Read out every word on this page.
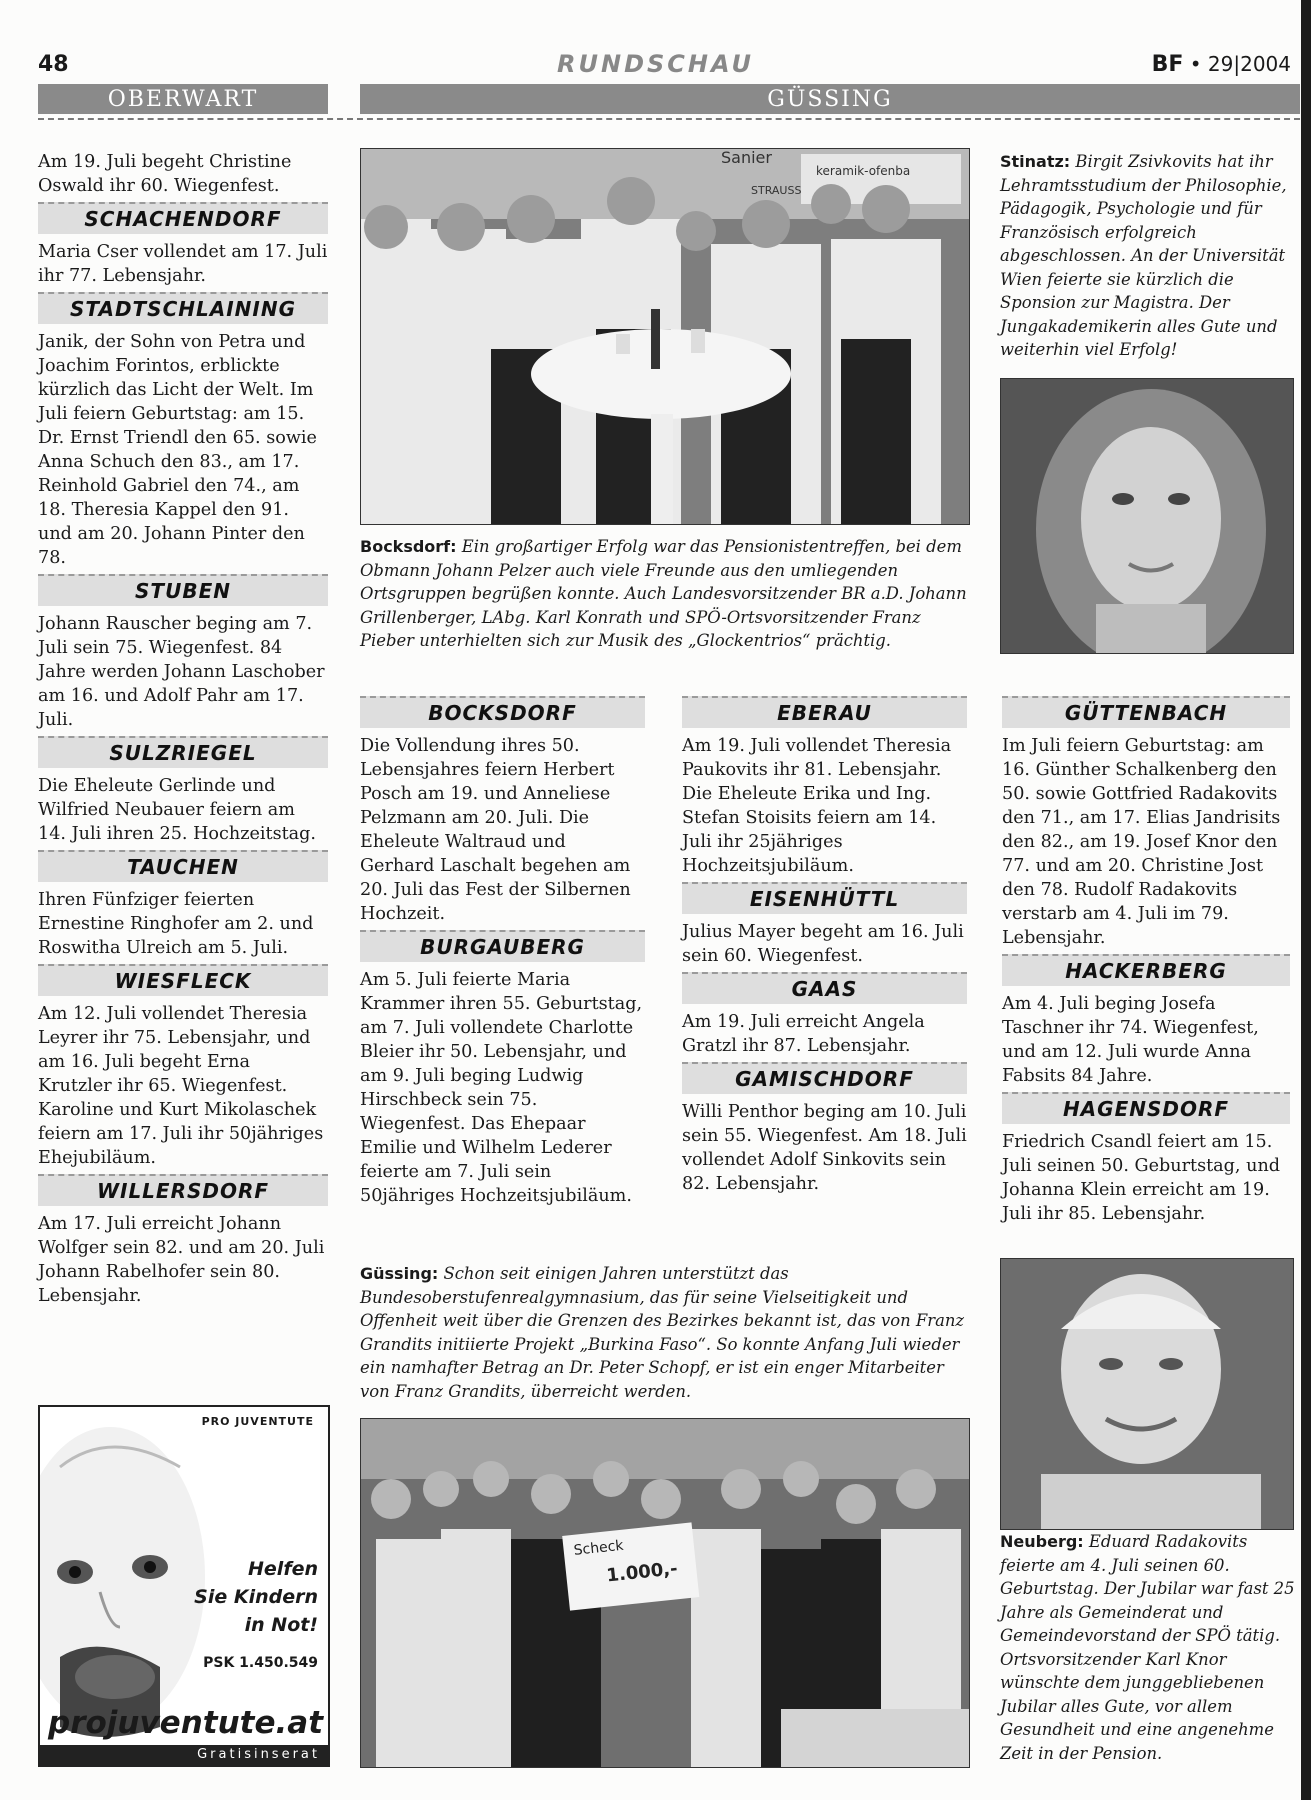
48	RUNDSCHAU	BF • 29|2004
OBERWART	GÜSSING

Am 19. Juli begeht Christine Oswald ihr 60. Wiegenfest.

SCHACHENDORF

Maria Cser vollendet am 17. Juli ihr 77. Lebensjahr.

STADTSCHLAINING

Janik, der Sohn von Petra und Joachim Forintos, erblickte kürzlich das Licht der Welt. Im Juli feiern Geburtstag: am 15. Dr. Ernst Triendl den 65. sowie Anna Schuch den 83., am 17. Reinhold Gabriel den 74., am 18. Theresia Kappel den 91. und am 20. Johann Pinter den 78.

STUBEN

Johann Rauscher beging am 7. Juli sein 75. Wiegenfest. 84 Jahre werden Johann Laschober am 16. und Adolf Pahr am 17. Juli.

SULZRIEGEL

Die Eheleute Gerlinde und Wilfried Neubauer feiern am 14. Juli ihren 25. Hochzeitstag.

TAUCHEN

Ihren Fünfziger feierten Ernestine Ringhofer am 2. und Roswitha Ulreich am 5. Juli.

WIESFLECK

Am 12. Juli vollendet Theresia Leyrer ihr 75. Lebensjahr, und am 16. Juli begeht Erna Krutzler ihr 65. Wiegenfest. Karoline und Kurt Mikolaschek feiern am 17. Juli ihr 50jähriges Ehejubiläum.

WILLERSDORF

Am 17. Juli erreicht Johann Wolfger sein 82. und am 20. Juli Johann Rabelhofer sein 80. Lebensjahr.

PRO JUVENTUTE
Helfen
Sie Kindern
in Not!
PSK 1.450.549
projuventute.at
Gratisinserat
keramik-ofenba
STRAUSS
Sanier
Bocksdorf: Ein großartiger Erfolg war das Pensionistentreffen, bei dem Obmann Johann Pelzer auch viele Freunde aus den umliegenden Ortsgruppen begrüßen konnte. Auch Landesvorsitzender BR a.D. Johann Grillenberger, LAbg. Karl Konrath und SPÖ-Ortsvorsitzender Franz Pieber unterhielten sich zur Musik des „Glockentrios“ prächtig.
Stinatz: Birgit Zsivkovits hat ihr Lehramtsstudium der Philosophie, Pädagogik, Psychologie und für Französisch erfolgreich abgeschlossen. An der Universität Wien feierte sie kürzlich die Sponsion zur Magistra. Der Jungakademikerin alles Gute und weiterhin viel Erfolg!
BOCKSDORF

Die Vollendung ihres 50. Lebensjahres feiern Herbert Posch am 19. und Anneliese Pelzmann am 20. Juli. Die Eheleute Waltraud und Gerhard Laschalt begehen am 20. Juli das Fest der Silbernen Hochzeit.

BURGAUBERG

Am 5. Juli feierte Maria Krammer ihren 55. Geburtstag, am 7. Juli vollendete Charlotte Bleier ihr 50. Lebensjahr, und am 9. Juli beging Ludwig Hirschbeck sein 75. Wiegenfest. Das Ehepaar Emilie und Wilhelm Lederer feierte am 7. Juli sein 50jähriges Hochzeitsjubiläum.

EBERAU

Am 19. Juli vollendet Theresia Paukovits ihr 81. Lebensjahr. Die Eheleute Erika und Ing. Stefan Stoisits feiern am 14. Juli ihr 25jähriges Hochzeitsjubiläum.

EISENHÜTTL

Julius Mayer begeht am 16. Juli sein 60. Wiegenfest.

GAAS

Am 19. Juli erreicht Angela Gratzl ihr 87. Lebensjahr.

GAMISCHDORF

Willi Penthor beging am 10. Juli sein 55. Wiegenfest. Am 18. Juli vollendet Adolf Sinkovits sein 82. Lebensjahr.

GÜTTENBACH

Im Juli feiern Geburtstag: am 16. Günther Schalkenberg den 50. sowie Gottfried Radakovits den 71., am 17. Elias Jandrisits den 82., am 19. Josef Knor den 77. und am 20. Christine Jost den 78. Rudolf Radakovits verstarb am 4. Juli im 79. Lebensjahr.

HACKERBERG

Am 4. Juli beging Josefa Taschner ihr 74. Wiegenfest, und am 12. Juli wurde Anna Fabsits 84 Jahre.

HAGENSDORF

Friedrich Csandl feiert am 15. Juli seinen 50. Geburtstag, und Johanna Klein erreicht am 19. Juli ihr 85. Lebensjahr.

Güssing: Schon seit einigen Jahren unterstützt das Bundesoberstufenrealgymnasium, das für seine Vielseitigkeit und Offenheit weit über die Grenzen des Bezirkes bekannt ist, das von Franz Grandits initiierte Projekt „Burkina Faso“. So konnte Anfang Juli wieder ein namhafter Betrag an Dr. Peter Schopf, er ist ein enger Mitarbeiter von Franz Grandits, überreicht werden.
Scheck
1.000,-
Neuberg: Eduard Radakovits feierte am 4. Juli seinen 60. Geburtstag. Der Jubilar war fast 25 Jahre als Gemeinderat und Gemeindevorstand der SPÖ tätig. Ortsvorsitzender Karl Knor wünschte dem junggebliebenen Jubilar alles Gute, vor allem Gesundheit und eine angenehme Zeit in der Pension.
